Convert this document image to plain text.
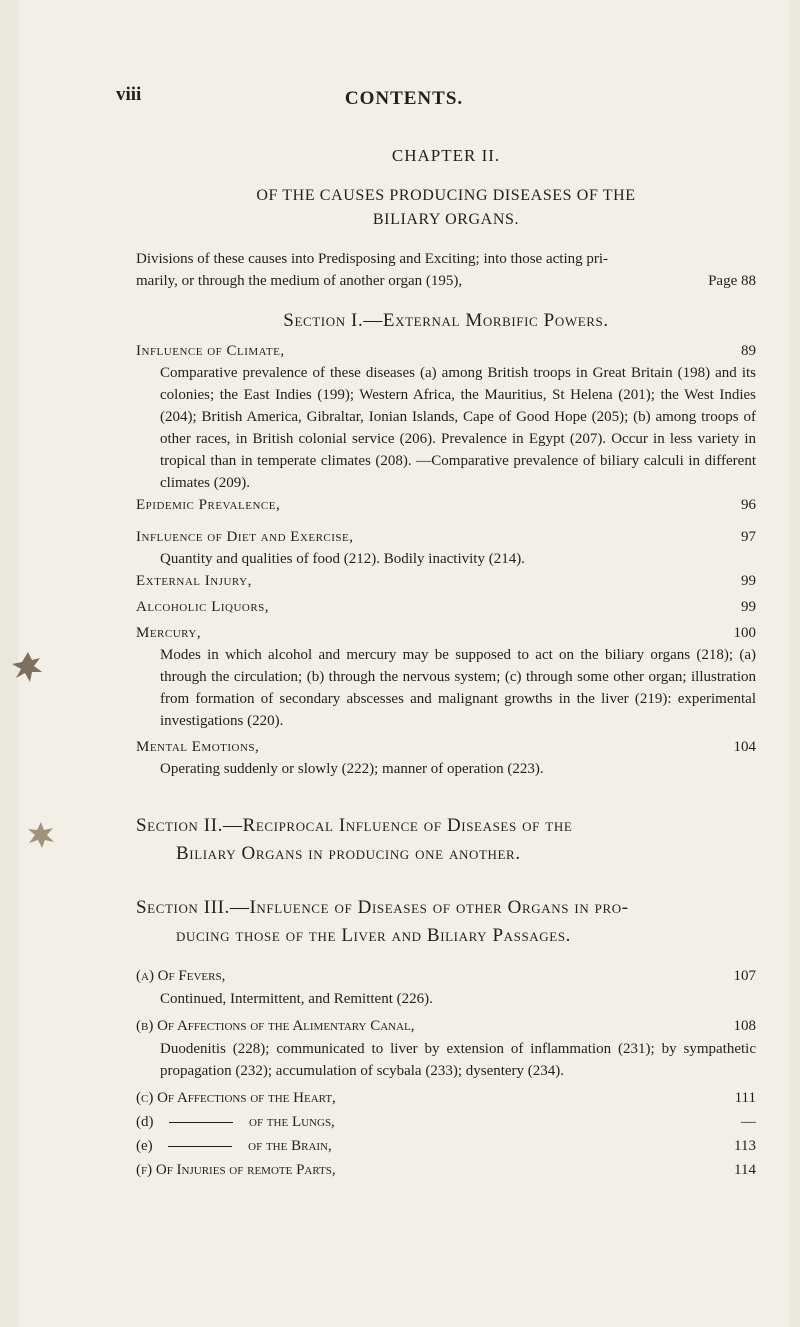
viii	CONTENTS.
CHAPTER II.
OF THE CAUSES PRODUCING DISEASES OF THE
BILIARY ORGANS.
Divisions of these causes into Predisposing and Exciting; into those acting pri-
marily, or through the medium of another organ (195),	Page 88
Section I.—External Morbific Powers.
Influence of Climate,	89
Comparative prevalence of these diseases (a) among British troops in Great Britain (198) and its colonies; the East Indies (199); Western Africa, the Mauritius, St Helena (201); the West Indies (204); British America, Gibraltar, Ionian Islands, Cape of Good Hope (205); (b) among troops of other races, in British colonial service (206). Prevalence in Egypt (207). Occur in less variety in tropical than in temperate climates (208). —Comparative prevalence of biliary calculi in different climates (209).
Epidemic Prevalence,	96
Influence of Diet and Exercise,	97
Quantity and qualities of food (212). Bodily inactivity (214).
External Injury,	99
Alcoholic Liquors,	99
Mercury,	100
Modes in which alcohol and mercury may be supposed to act on the biliary organs (218); (a) through the circulation; (b) through the nervous system; (c) through some other organ; illustration from formation of secondary abscesses and malignant growths in the liver (219): experimental investigations (220).
Mental Emotions,	104
Operating suddenly or slowly (222); manner of operation (223).
Section II.—Reciprocal Influence of Diseases of the
Biliary Organs in producing one another.
Section III.—Influence of Diseases of other Organs in pro-
ducing those of the Liver and Biliary Passages.
(a) Of Fevers,	107
Continued, Intermittent, and Remittent (226).
(b) Of Affections of the Alimentary Canal,	108
Duodenitis (228); communicated to liver by extension of inflammation (231); by sympathetic propagation (232); accumulation of scybala (233); dysentery (234).
(c) Of Affections of the Heart,	111
(d)	of the Lungs,	—
(e)	of the Brain,	113
(f) Of Injuries of remote Parts,	114
